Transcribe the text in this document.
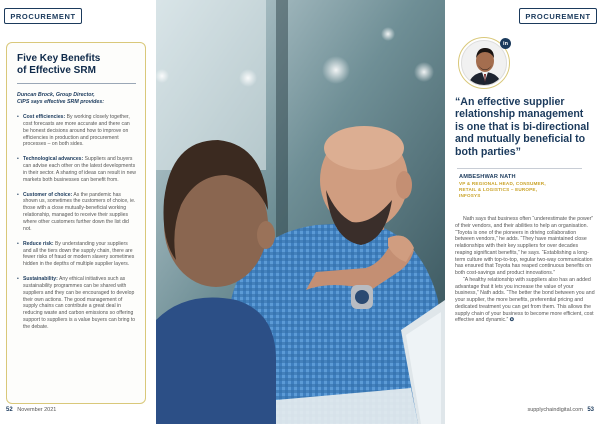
PROCUREMENT
Five Key Benefits
of Effective SRM
Duncan Brock, Group Director,
CIPS says effective SRM provides:
• Cost efficiencies: By working closely together, cost forecasts are more accurate and there can be honest decisions around how to improve on efficiencies in production and procurement processes – on both sides.
• Technological advances: Suppliers and buyers can advise each other on the latest developments in their sector. A sharing of ideas can result in new markets both businesses can benefit from.
• Customer of choice: As the pandemic has shown us, sometimes the customers of choice, ie. those with a close mutually-beneficial working relationship, managed to receive their supplies where other customers further down the list did not.
• Reduce risk: By understanding your suppliers and all the tiers down the supply chain, there are fewer risks of fraud or modern slavery sometimes hidden in the depths of multiple supplier layers.
• Sustainability: Any ethical initiatives such as sustainability programmes can be shared with suppliers and they can be encouraged to develop their own actions. The good management of supply chains can contribute a great deal in reducing waste and carbon emissions so offering support to suppliers is a value buyers can bring to the debate.
52 November 2021
PROCUREMENT
in
“An effective supplier relationship management is one that is bi-directional and mutually beneficial to both parties”
AMBESHWAR NATH
VP & REGIONAL HEAD, CONSUMER,
RETAIL & LOGISTICS – EUROPE,
INFOSYS

Nath says that business often “underestimate the power” of their vendors, and their abilities to help an organisation. “Toyota is one of the pioneers in driving collaboration between vendors,” he adds. “They have maintained close relationships with their key suppliers for over decades reaping significant benefits,” he says. “Establishing a long-term culture with top-to-top, regular two-way communication has ensured that Toyota has reaped continuous benefits on both cost-savings and product innovations.”

“A healthy relationship with suppliers also has an added advantage that it lets you increase the value of your business,” Nath adds. “The better the bond between you and your supplier, the more benefits, preferential pricing and dedicated treatment you can get from them. This allows the supply chain of your business to become more efficient, cost effective and dynamic.” ✪

supplychaindigital.com 53
